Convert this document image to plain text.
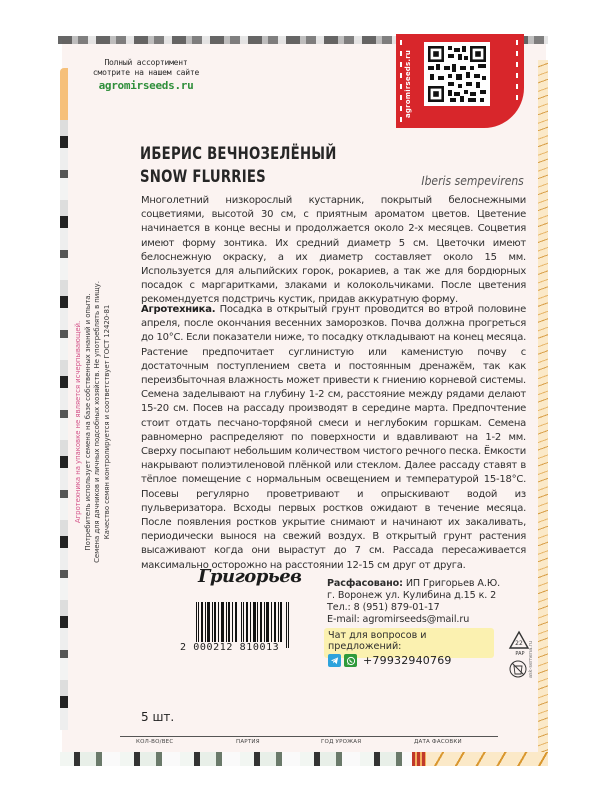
Полный ассортимент
смотрите на нашем сайте
agromirseeds.ru	agromirseeds.ru
ИБЕРИС ВЕЧНОЗЕЛЁНЫЙ
SNOW FLURRIES	Iberis sempevirens
Многолетний низкорослый кустарник, покрытый белоснежными соцветиями, высотой 30 см, с приятным ароматом цветов. Цветение начинается в конце весны и продолжается около 2-х месяцев. Соцветия имеют форму зонтика. Их средний диаметр 5 см. Цветочки имеют белоснежную окраску, а их диаметр составляет около 15 мм. Используется для альпийских горок, рокариев, а так же для бордюрных посадок с маргаритками, злаками и колокольчиками. После цветения рекомендуется подстричь кустик, придав аккуратную форму.
Агротехника. Посадка в открытый грунт проводится во втрой половине апреля, после окончания весенних заморозков. Почва должна прогреться до 10°С. Если показатели ниже, то посадку откладывают на конец месяца. Растение предпочитает суглинистую или каменистую почву с достаточным поступлением света и постоянным дренажём, так как переизбыточная влажность может привести к гниению корневой системы. Семена заделывают на глубину 1-2 см, расстояние между рядами делают 15-20 см. Посев на рассаду производят в середине марта. Предпочтение стоит отдать песчано-торфяной смеси и неглубоким горшкам. Семена равномерно распределяют по поверхности и вдавливают на 1-2 мм. Сверху посыпают небольшим количеством чистого речного песка. Ёмкости накрывают полиэтиленовой плёнкой или стеклом. Далее рассаду ставят в тёплое помещение с нормальным освещением и температурой 15-18°С. Посевы регулярно проветривают и опрыскивают водой из пульверизатора. Всходы первых ростков ожидают в течение месяца. После появления ростков укрытие снимают и начинают их закаливать, периодически вынося на свежий воздух. В открытый грунт растения высаживают когда они вырастут до 7 см. Рассада пересаживается максимально осторожно на расстоянии 12-15 см друг от друга.
Агротехника на упаковке не является исчерпывающей. Потребитель использует семена на базе собственных знаний и опыта. Семена для дачников и личных подсобных хозяйств. Не употреблять в пищу. Качество семян контролируется и соответствует ГОСТ 12420-81
Григорьев
2 000212 810013
Расфасовано: ИП Григорьев А.Ю.
г. Воронеж ул. Кулибина д.15 к. 2
Тел.: 8 (951) 879-01-17
E-mail: agromirseeds@mail.ru
Чат для вопросов и предложений:
+79932940769
22
PAP ask-semena.ru
5 шт.
КОЛ-ВО/ВЕС	ПАРТИЯ	ГОД УРОЖАЯ	ДАТА ФАСОВКИ
